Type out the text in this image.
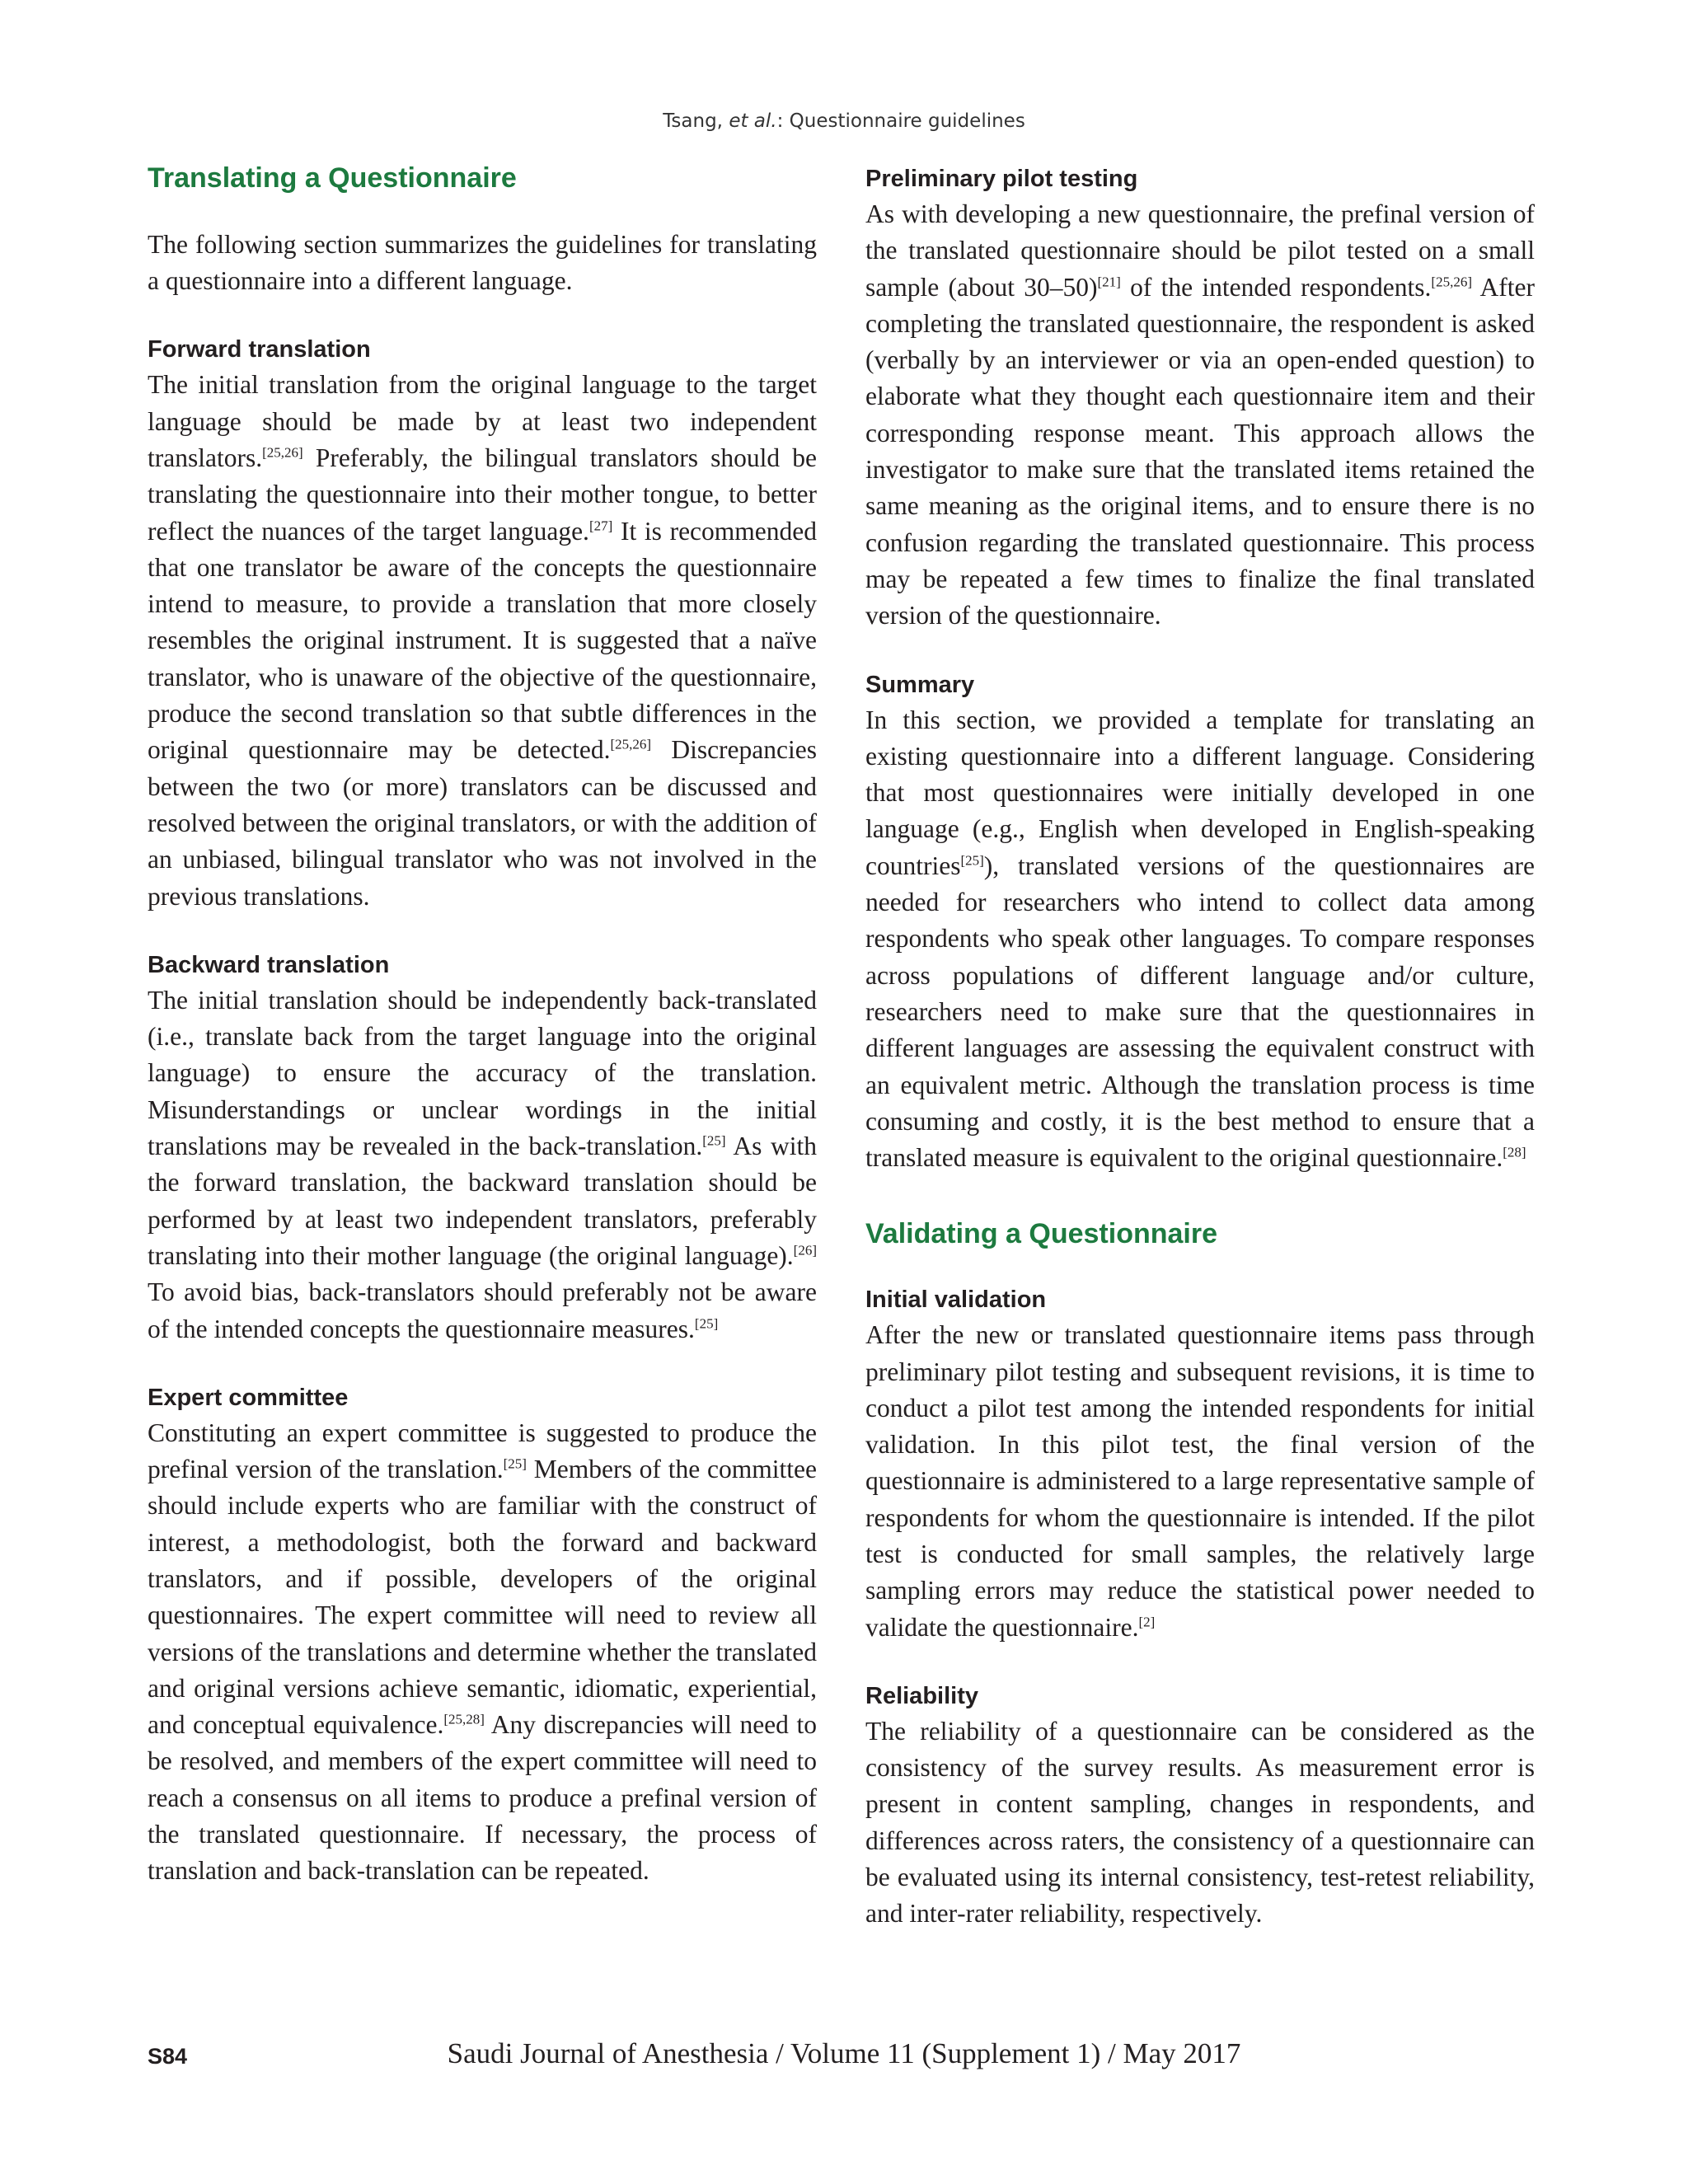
Tsang, et al.: Questionnaire guidelines
Translating a Questionnaire

The following section summarizes the guidelines for translating a questionnaire into a different language.

Forward translation

The initial translation from the original language to the target language should be made by at least two independent translators.[25,26] Preferably, the bilingual translators should be translating the questionnaire into their mother tongue, to better reflect the nuances of the target language.[27] It is recommended that one translator be aware of the concepts the questionnaire intend to measure, to provide a translation that more closely resembles the original instrument. It is suggested that a naïve translator, who is unaware of the objective of the questionnaire, produce the second translation so that subtle differences in the original questionnaire may be detected.[25,26] Discrepancies between the two (or more) translators can be discussed and resolved between the original translators, or with the addition of an unbiased, bilingual translator who was not involved in the previous translations.

Backward translation

The initial translation should be independently back‑translated (i.e., translate back from the target language into the original language) to ensure the accuracy of the translation. Misunderstandings or unclear wordings in the initial translations may be revealed in the back‑translation.[25] As with the forward translation, the backward translation should be performed by at least two independent translators, preferably translating into their mother language (the original language).[26] To avoid bias, back‑translators should preferably not be aware of the intended concepts the questionnaire measures.[25]

Expert committee

Constituting an expert committee is suggested to produce the prefinal version of the translation.[25] Members of the committee should include experts who are familiar with the construct of interest, a methodologist, both the forward and backward translators, and if possible, developers of the original questionnaires. The expert committee will need to review all versions of the translations and determine whether the translated and original versions achieve semantic, idiomatic, experiential, and conceptual equivalence.[25,28] Any discrepancies will need to be resolved, and members of the expert committee will need to reach a consensus on all items to produce a prefinal version of the translated questionnaire. If necessary, the process of translation and back‑translation can be repeated.

Preliminary pilot testing

As with developing a new questionnaire, the prefinal version of the translated questionnaire should be pilot tested on a small sample (about 30–50)[21] of the intended respondents.[25,26] After completing the translated questionnaire, the respondent is asked (verbally by an interviewer or via an open‑ended question) to elaborate what they thought each questionnaire item and their corresponding response meant. This approach allows the investigator to make sure that the translated items retained the same meaning as the original items, and to ensure there is no confusion regarding the translated questionnaire. This process may be repeated a few times to finalize the final translated version of the questionnaire.

Summary

In this section, we provided a template for translating an existing questionnaire into a different language. Considering that most questionnaires were initially developed in one language (e.g., English when developed in English‑speaking countries[25]), translated versions of the questionnaires are needed for researchers who intend to collect data among respondents who speak other languages. To compare responses across populations of different language and/or culture, researchers need to make sure that the questionnaires in different languages are assessing the equivalent construct with an equivalent metric. Although the translation process is time consuming and costly, it is the best method to ensure that a translated measure is equivalent to the original questionnaire.[28]

Validating a Questionnaire
Initial validation

After the new or translated questionnaire items pass through preliminary pilot testing and subsequent revisions, it is time to conduct a pilot test among the intended respondents for initial validation. In this pilot test, the final version of the questionnaire is administered to a large representative sample of respondents for whom the questionnaire is intended. If the pilot test is conducted for small samples, the relatively large sampling errors may reduce the statistical power needed to validate the questionnaire.[2]

Reliability

The reliability of a questionnaire can be considered as the consistency of the survey results. As measurement error is present in content sampling, changes in respondents, and differences across raters, the consistency of a questionnaire can be evaluated using its internal consistency, test‑retest reliability, and inter‑rater reliability, respectively.

S84	Saudi Journal of Anesthesia / Volume 11 (Supplement 1) / May 2017
